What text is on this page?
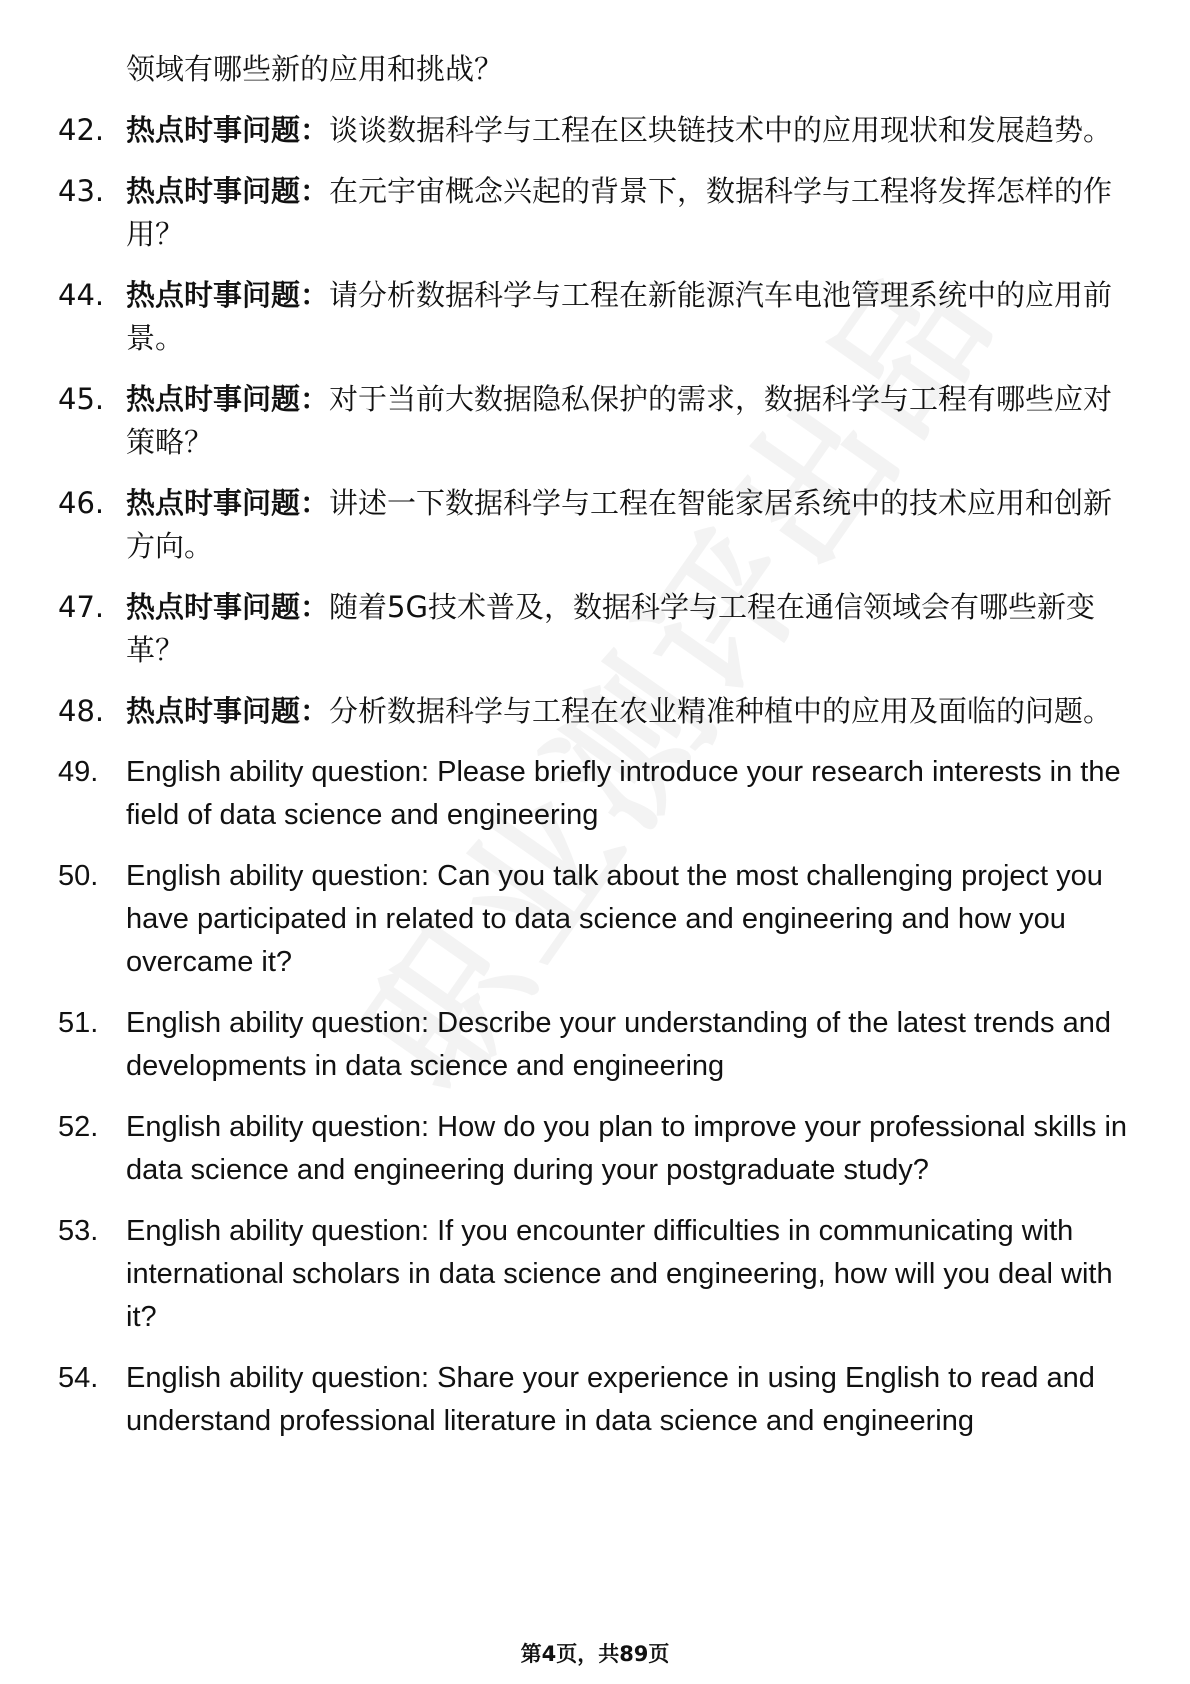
领域有哪些新的应用和挑战？
42. 热点时事问题：谈谈数据科学与工程在区块链技术中的应用现状和发展趋势。
43. 热点时事问题：在元宇宙概念兴起的背景下，数据科学与工程将发挥怎样的作用？
44. 热点时事问题：请分析数据科学与工程在新能源汽车电池管理系统中的应用前景。
45. 热点时事问题：对于当前大数据隐私保护的需求，数据科学与工程有哪些应对策略？
46. 热点时事问题：讲述一下数据科学与工程在智能家居系统中的技术应用和创新方向。
47. 热点时事问题：随着5G技术普及，数据科学与工程在通信领域会有哪些新变革？
48. 热点时事问题：分析数据科学与工程在农业精准种植中的应用及面临的问题。
49. English ability question: Please briefly introduce your research interests in the field of data science and engineering
50. English ability question: Can you talk about the most challenging project you have participated in related to data science and engineering and how you overcame it?
51. English ability question: Describe your understanding of the latest trends and developments in data science and engineering
52. English ability question: How do you plan to improve your professional skills in data science and engineering during your postgraduate study?
53. English ability question: If you encounter difficulties in communicating with international scholars in data science and engineering, how will you deal with it?
54. English ability question: Share your experience in using English to read and understand professional literature in data science and engineering
第4页，共89页
